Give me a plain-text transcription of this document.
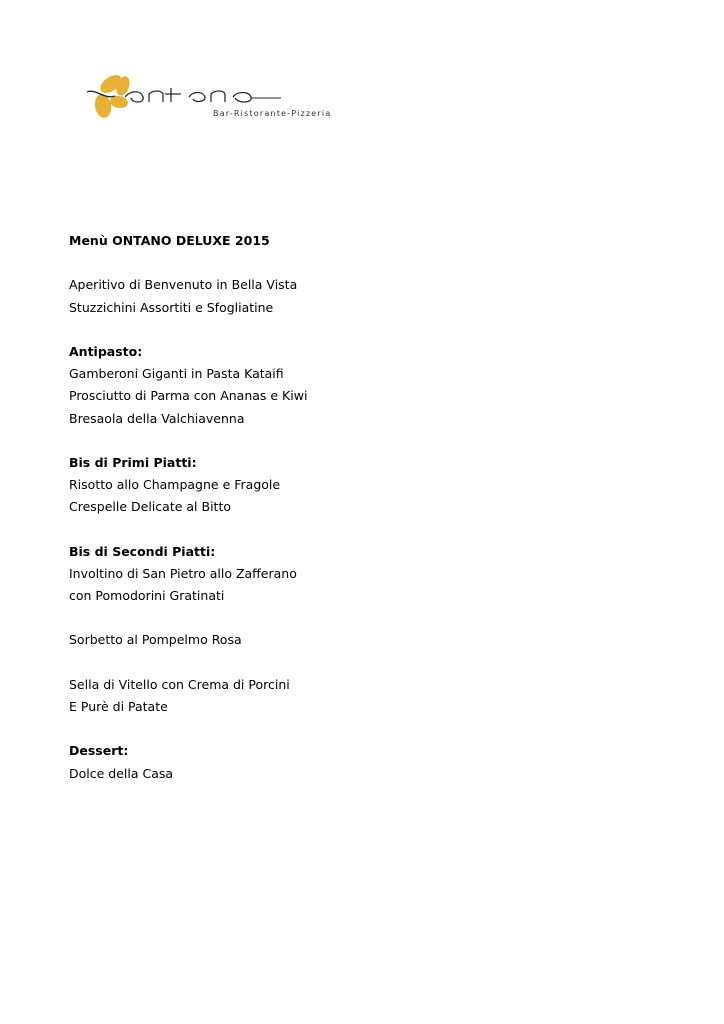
Bar-Ristorante-Pizzeria
Menù ONTANO DELUXE 2015
Aperitivo di Benvenuto in Bella Vista
Stuzzichini Assortiti e Sfogliatine
Antipasto:
Gamberoni Giganti in Pasta Kataifi
Prosciutto di Parma con Ananas e Kiwi
Bresaola della Valchiavenna
Bis di Primi Piatti:
Risotto allo Champagne e Fragole
Crespelle Delicate al Bitto
Bis di Secondi Piatti:
Involtino di San Pietro allo Zafferano
con Pomodorini Gratinati
Sorbetto al Pompelmo Rosa
Sella di Vitello con Crema di Porcini
E Purè di Patate
Dessert:
Dolce della Casa
